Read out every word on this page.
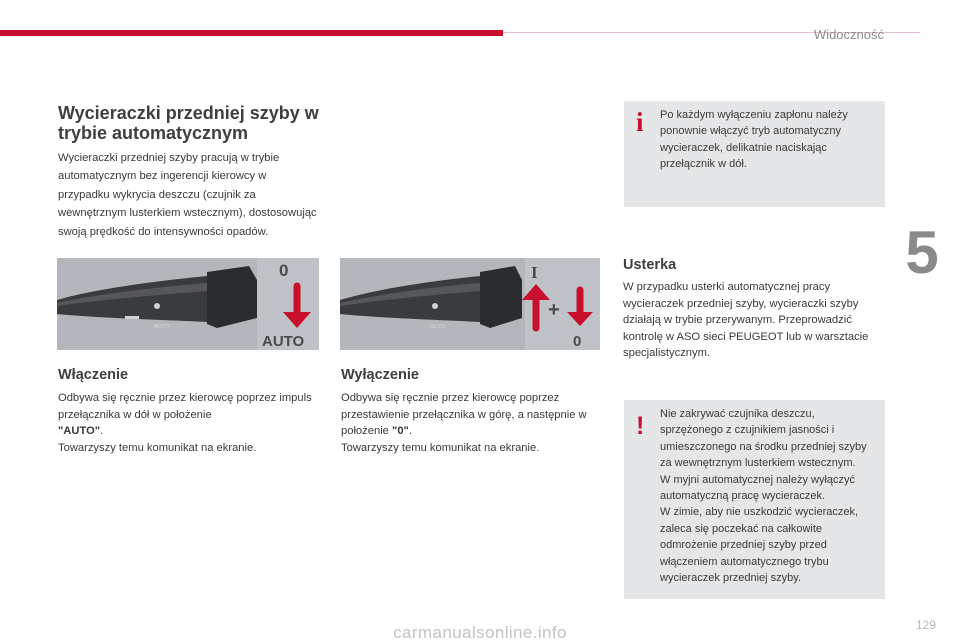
Widoczność
5
Wycieraczki przedniej szyby w trybie automatycznym

Wycieraczki przedniej szyby pracują w trybie automatycznym bez ingerencji kierowcy w przypadku wykrycia deszczu (czujnik za wewnętrznym lusterkiem wstecznym), dostosowując swoją prędkość do intensywności opadów.

AUTO
0
AUTO
AUTO
+
I
0
Włączenie

Odbywa się ręcznie przez kierowcę poprzez impuls przełącznika w dół w położenie
"AUTO".
Towarzyszy temu komunikat na ekranie.

Wyłączenie

Odbywa się ręcznie przez kierowcę poprzez przestawienie przełącznika w górę, a następnie w położenie "0".
Towarzyszy temu komunikat na ekranie.

i Po każdym wyłączeniu zapłonu należy ponownie włączyć tryb automatyczny wycieraczek, delikatnie naciskając przełącznik w dół.

Usterka

W przypadku usterki automatycznej pracy wycieraczek przedniej szyby, wycieraczki szyby działają w trybie przerywanym. Przeprowadzić kontrolę w ASO sieci PEUGEOT lub w warsztacie specjalistycznym.

! Nie zakrywać czujnika deszczu, sprzężonego z czujnikiem jasności i umieszczonego na środku przedniej szyby za wewnętrznym lusterkiem wstecznym.
W myjni automatycznej należy wyłączyć automatyczną pracę wycieraczek.
W zimie, aby nie uszkodzić wycieraczek, zaleca się poczekać na całkowite odmrożenie przedniej szyby przed włączeniem automatycznego trybu wycieraczek przedniej szyby.

129
carmanualsonline.info
